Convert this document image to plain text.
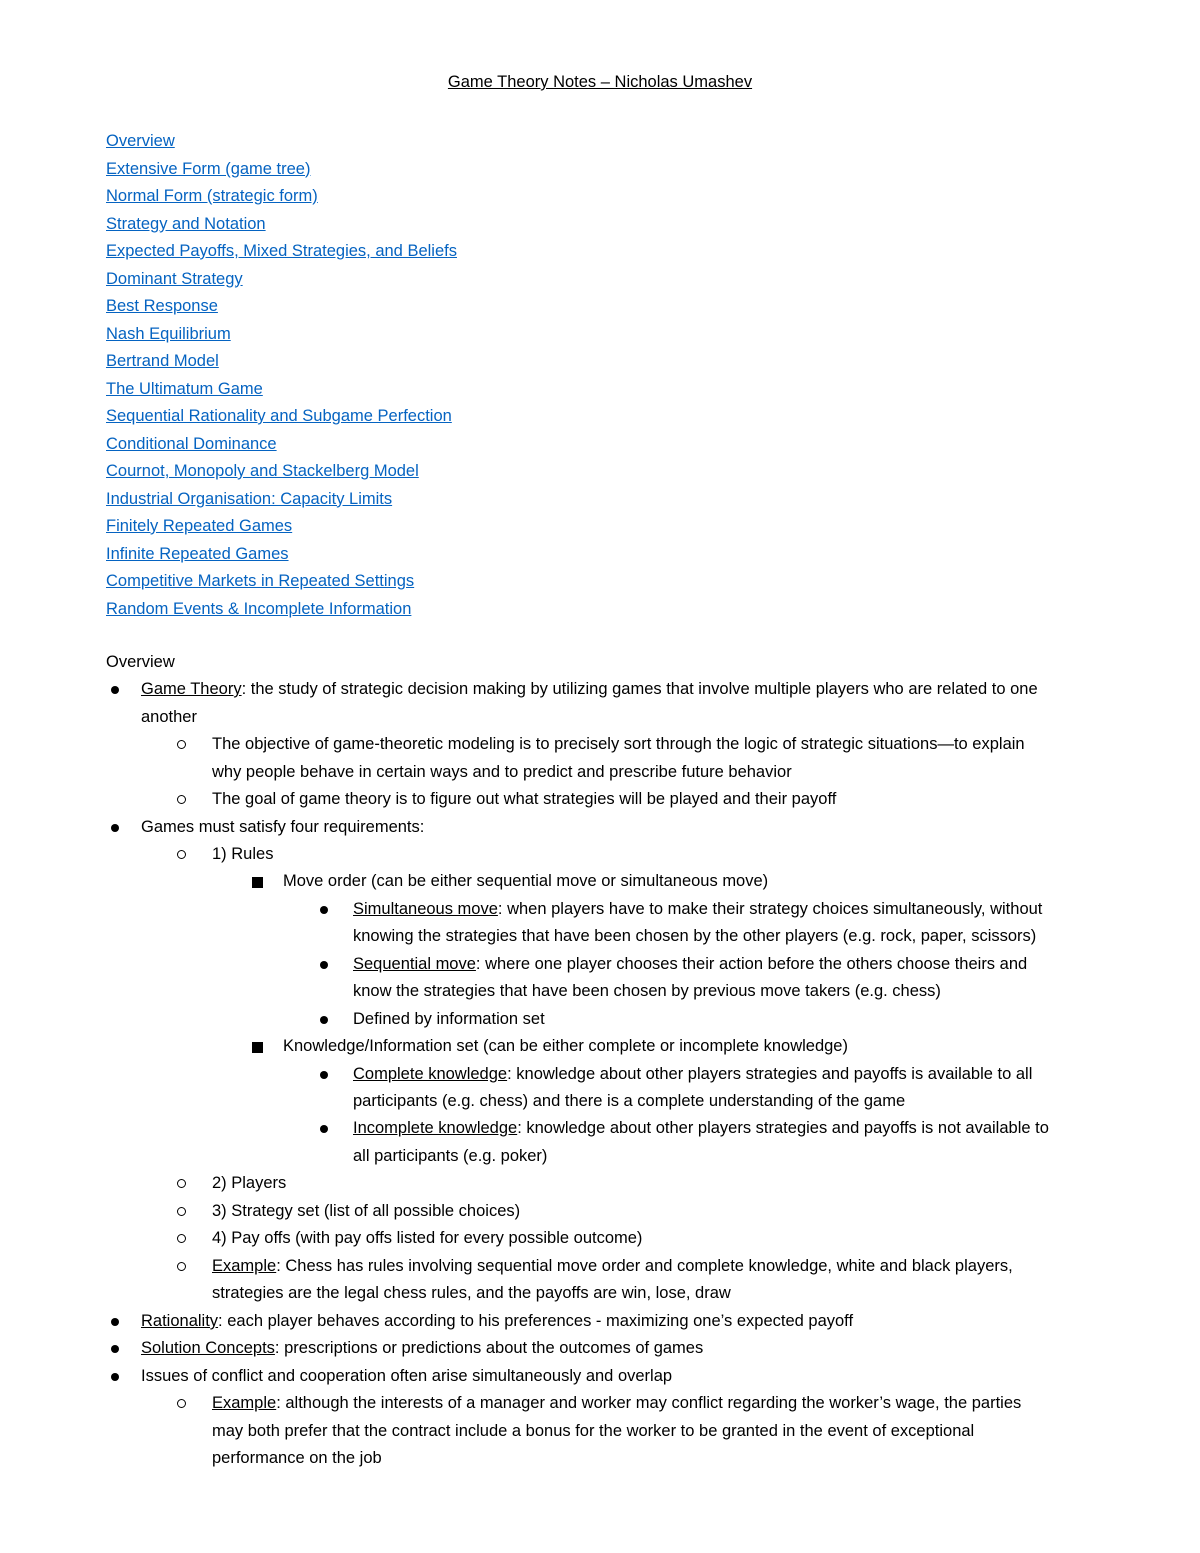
Game Theory Notes – Nicholas Umashev
Overview
Extensive Form (game tree)
Normal Form (strategic form)
Strategy and Notation
Expected Payoffs, Mixed Strategies, and Beliefs
Dominant Strategy
Best Response
Nash Equilibrium
Bertrand Model
The Ultimatum Game
Sequential Rationality and Subgame Perfection
Conditional Dominance
Cournot, Monopoly and Stackelberg Model
Industrial Organisation: Capacity Limits
Finitely Repeated Games
Infinite Repeated Games
Competitive Markets in Repeated Settings
Random Events & Incomplete Information
Overview
Game Theory: the study of strategic decision making by utilizing games that involve multiple players who are related to one
another
The objective of game-theoretic modeling is to precisely sort through the logic of strategic situations—to explain
why people behave in certain ways and to predict and prescribe future behavior
The goal of game theory is to figure out what strategies will be played and their payoff
Games must satisfy four requirements:
1) Rules
Move order (can be either sequential move or simultaneous move)
Simultaneous move: when players have to make their strategy choices simultaneously, without
knowing the strategies that have been chosen by the other players (e.g. rock, paper, scissors)
Sequential move: where one player chooses their action before the others choose theirs and
know the strategies that have been chosen by previous move takers (e.g. chess)
Defined by information set
Knowledge/Information set (can be either complete or incomplete knowledge)
Complete knowledge: knowledge about other players strategies and payoffs is available to all
participants (e.g. chess) and there is a complete understanding of the game
Incomplete knowledge: knowledge about other players strategies and payoffs is not available to
all participants (e.g. poker)
2) Players
3) Strategy set (list of all possible choices)
4) Pay offs (with pay offs listed for every possible outcome)
Example: Chess has rules involving sequential move order and complete knowledge, white and black players,
strategies are the legal chess rules, and the payoffs are win, lose, draw
Rationality: each player behaves according to his preferences - maximizing one’s expected payoff
Solution Concepts: prescriptions or predictions about the outcomes of games
Issues of conflict and cooperation often arise simultaneously and overlap
Example: although the interests of a manager and worker may conflict regarding the worker’s wage, the parties
may both prefer that the contract include a bonus for the worker to be granted in the event of exceptional
performance on the job
